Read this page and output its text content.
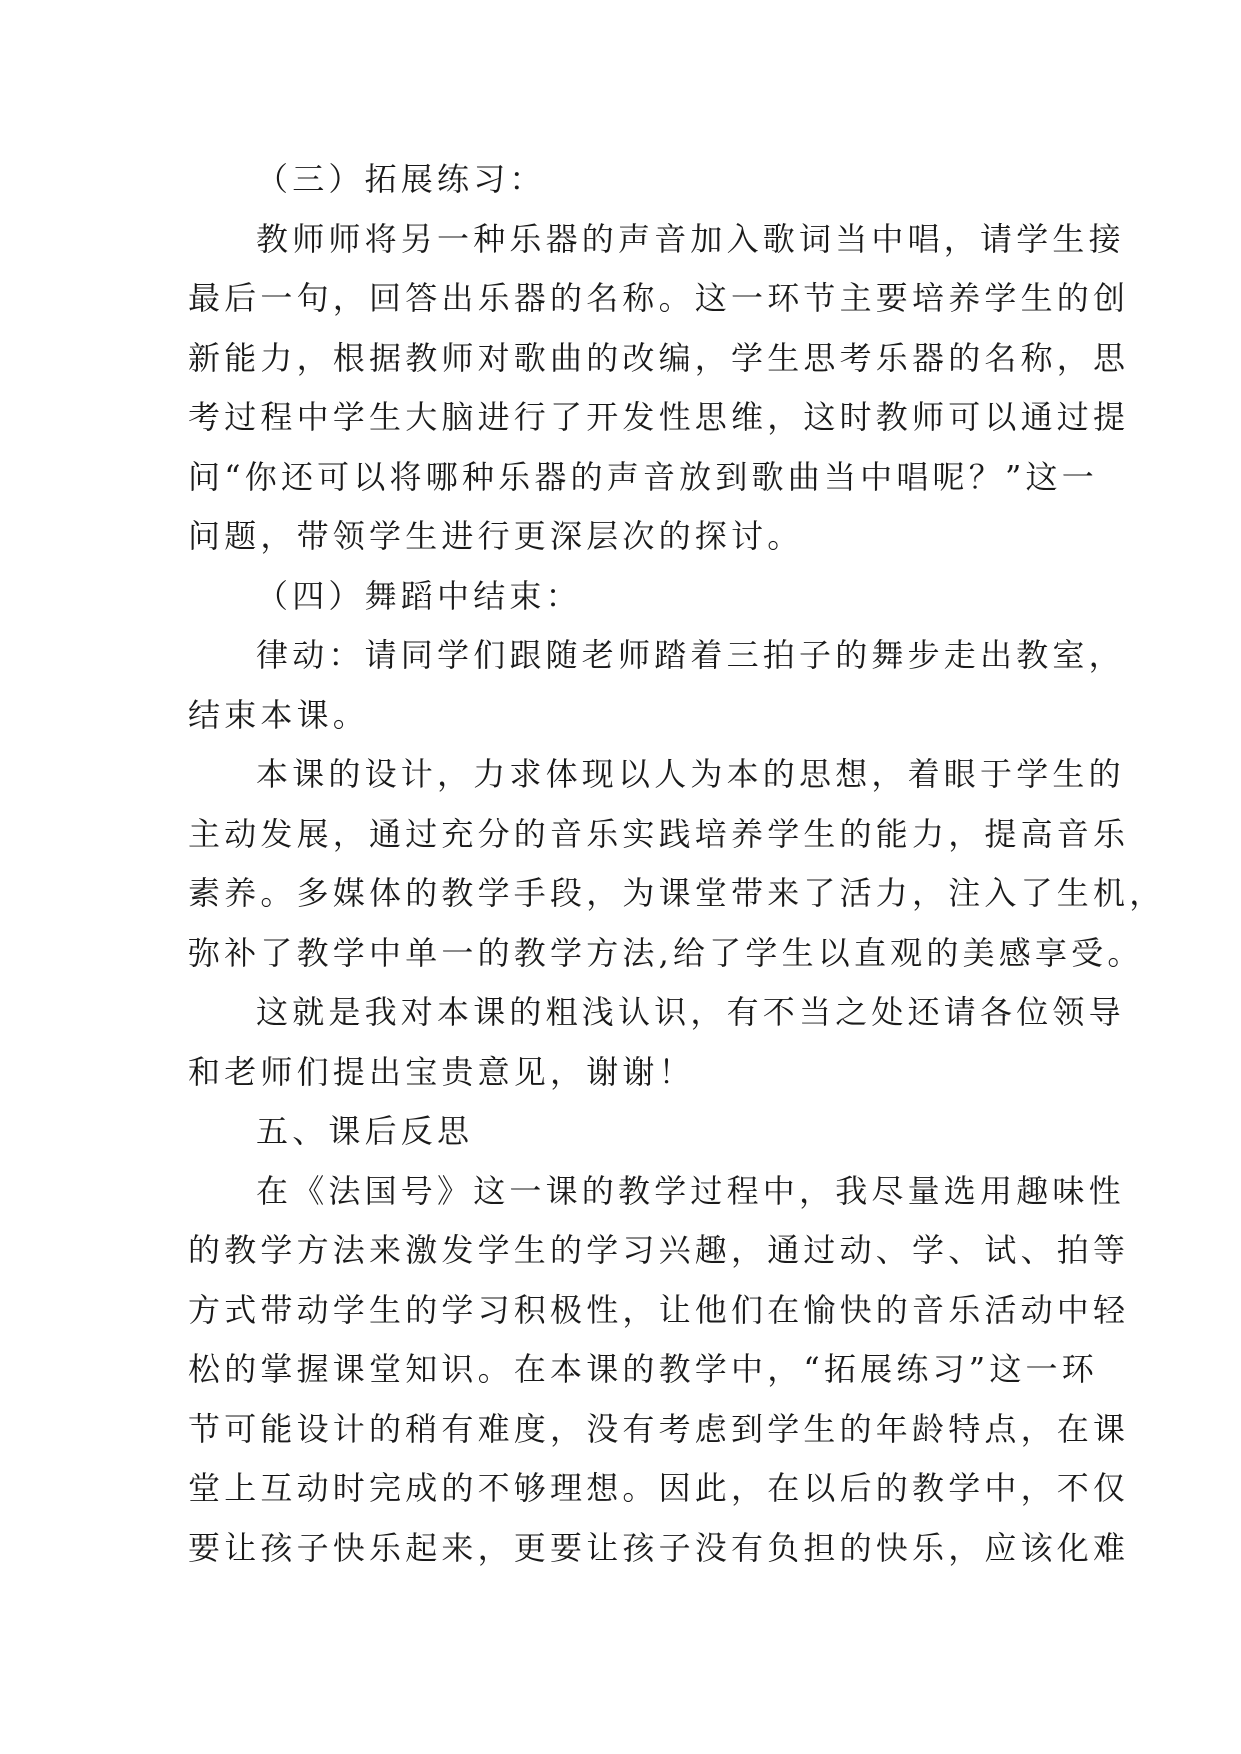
（三）拓展练习：
教师师将另一种乐器的声音加入歌词当中唱，请学生接
最后一句，回答出乐器的名称。这一环节主要培养学生的创
新能力，根据教师对歌曲的改编，学生思考乐器的名称，思
考过程中学生大脑进行了开发性思维，这时教师可以通过提
问“你还可以将哪种乐器的声音放到歌曲当中唱呢？”这一
问题，带领学生进行更深层次的探讨。
（四）舞蹈中结束：
律动：请同学们跟随老师踏着三拍子的舞步走出教室，
结束本课。
本课的设计，力求体现以人为本的思想，着眼于学生的
主动发展，通过充分的音乐实践培养学生的能力，提高音乐
素养。多媒体的教学手段，为课堂带来了活力，注入了生机，
弥补了教学中单一的教学方法,给了学生以直观的美感享受。
这就是我对本课的粗浅认识，有不当之处还请各位领导
和老师们提出宝贵意见，谢谢！
五、课后反思
在《法国号》这一课的教学过程中，我尽量选用趣味性
的教学方法来激发学生的学习兴趣，通过动、学、试、拍等
方式带动学生的学习积极性，让他们在愉快的音乐活动中轻
松的掌握课堂知识。在本课的教学中，“拓展练习”这一环
节可能设计的稍有难度，没有考虑到学生的年龄特点，在课
堂上互动时完成的不够理想。因此，在以后的教学中，不仅
要让孩子快乐起来，更要让孩子没有负担的快乐，应该化难
